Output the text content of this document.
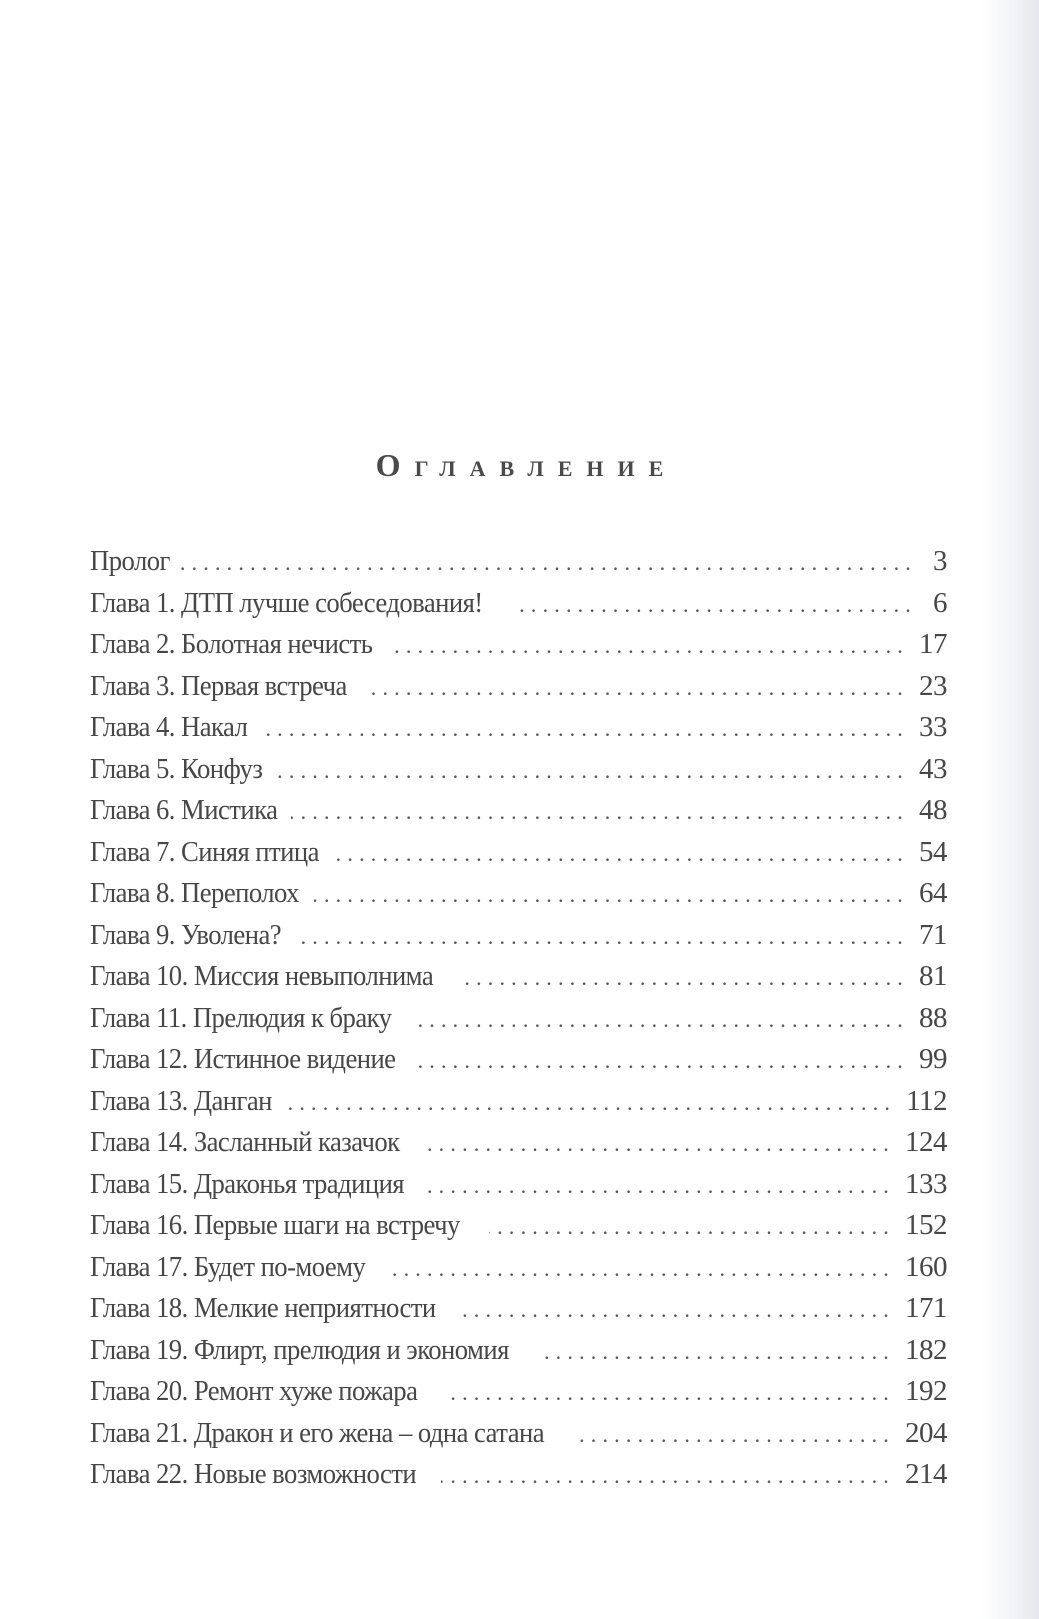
Оглавление
Пролог .....	3
Глава 1. ДТП лучше собеседования! .....	6
Глава 2. Болотная нечисть .....	17
Глава 3. Первая встреча .....	23
Глава 4. Накал .....	33
Глава 5. Конфуз .....	43
Глава 6. Мистика .....	48
Глава 7. Синяя птица .....	54
Глава 8. Переполох .....	64
Глава 9. Уволена? .....	71
Глава 10. Миссия невыполнима .....	81
Глава 11. Прелюдия к браку .....	88
Глава 12. Истинное видение .....	99
Глава 13. Данган .....	112
Глава 14. Засланный казачок .....	124
Глава 15. Драконья традиция .....	133
Глава 16. Первые шаги на встречу .....	152
Глава 17. Будет по-моему .....	160
Глава 18. Мелкие неприятности .....	171
Глава 19. Флирт, прелюдия и экономия .....	182
Глава 20. Ремонт хуже пожара .....	192
Глава 21. Дракон и его жена – одна сатана .....	204
Глава 22. Новые возможности .....	214
